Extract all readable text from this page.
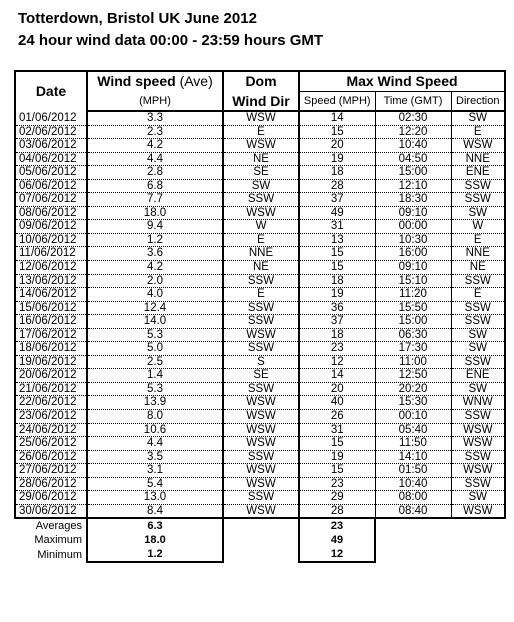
Totterdown, Bristol UK June 2012
24 hour wind data 00:00 - 23:59 hours GMT
Date	Wind speed (Ave)	Dom	Max Wind Speed		
	(MPH)	Wind Dir	Speed (MPH)	Time (GMT)	Direction
01/06/2012	3.3	WSW	14	02:30	SW
02/06/2012	2.3	E	15	12:20	E
03/06/2012	4.2	WSW	20	10:40	WSW
04/06/2012	4.4	NE	19	04:50	NNE
05/06/2012	2.8	SE	18	15:00	ENE
06/06/2012	6.8	SW	28	12:10	SSW
07/06/2012	7.7	SSW	37	18:30	SSW
08/06/2012	18.0	WSW	49	09:10	SW
09/06/2012	9.4	W	31	00:00	W
10/06/2012	1.2	E	13	10:30	E
11/06/2012	3.6	NNE	15	16:00	NNE
12/06/2012	4.2	NE	15	09:10	NE
13/06/2012	2.0	SSW	18	15:10	SSW
14/06/2012	4.0	E	19	11:20	E
15/06/2012	12.4	SSW	36	15:50	SSW
16/06/2012	14.0	SSW	37	15:00	SSW
17/06/2012	5.3	WSW	18	06:30	SW
18/06/2012	5.0	SSW	23	17:30	SW
19/06/2012	2.5	S	12	11:00	SSW
20/06/2012	1.4	SE	14	12:50	ENE
21/06/2012	5.3	SSW	20	20:20	SW
22/06/2012	13.9	WSW	40	15:30	WNW
23/06/2012	8.0	WSW	26	00:10	SSW
24/06/2012	10.6	WSW	31	05:40	WSW
25/06/2012	4.4	WSW	15	11:50	WSW
26/06/2012	3.5	SSW	19	14:10	SSW
27/06/2012	3.1	WSW	15	01:50	WSW
28/06/2012	5.4	WSW	23	10:40	SSW
29/06/2012	13.0	SSW	29	08:00	SW
30/06/2012	8.4	WSW	28	08:40	WSW
Averages	6.3		23		
Maximum	18.0		49		
Minimum	1.2		12		
